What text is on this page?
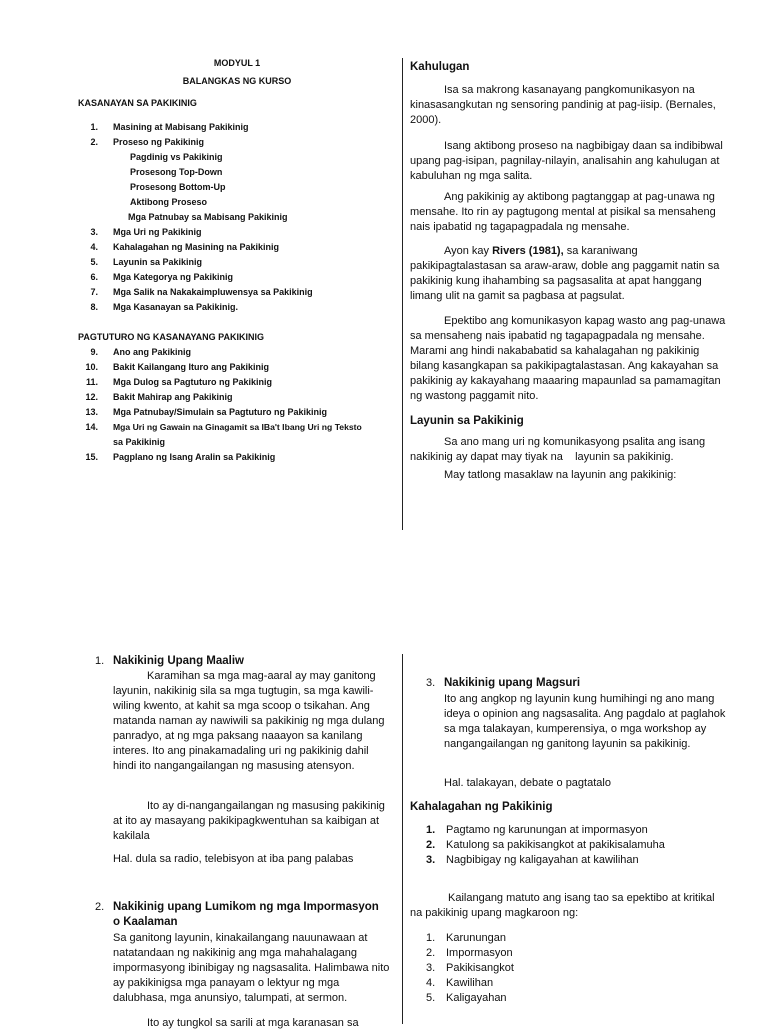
MODYUL 1
BALANGKAS NG KURSO
KASANAYAN SA PAKIKINIG
1. Masining at Mabisang Pakikinig
2. Proseso ng Pakikinig
Pagdinig vs Pakikinig
Prosesong Top-Down
Prosesong Bottom-Up
Aktibong Proseso
Mga Patnubay sa Mabisang Pakikinig
3. Mga Uri ng Pakikinig
4. Kahalagahan ng Masining na Pakikinig
5. Layunin sa Pakikinig
6. Mga Kategorya ng Pakikinig
7. Mga Salik na Nakakaimpluwensya sa Pakikinig
8. Mga Kasanayan sa Pakikinig.
PAGTUTURO NG KASANAYANG PAKIKINIG
9. Ano ang Pakikinig
10. Bakit Kailangang Ituro ang Pakikinig
11. Mga Dulog sa Pagtuturo ng Pakikinig
12. Bakit Mahirap ang Pakikinig
13. Mga Patnubay/Simulain sa Pagtuturo ng Pakikinig
14. Mga Uri ng Gawain na Ginagamit sa IBa't Ibang Uri ng Teksto
sa Pakikinig
15. Pagplano ng Isang Aralin sa Pakikinig
Kahulugan

Isa sa makrong kasanayang pangkomunikasyon na kinasasangkutan ng sensoring pandinig at pag-iisip. (Bernales, 2000).

Isang aktibong proseso na nagbibigay daan sa indibibwal upang pag-isipan, pagnilay-nilayin, analisahin ang kahulugan at kabuluhan ng mga salita.

Ang pakikinig ay aktibong pagtanggap at pag-unawa ng mensahe. Ito rin ay pagtugong mental at pisikal sa mensaheng nais ipabatid ng tagapagpadala ng mensahe.

Ayon kay Rivers (1981), sa karaniwang pakikipagtalastasan sa araw-araw, doble ang paggamit natin sa pakikinig kung ihahambing sa pagsasalita at apat hanggang limang ulit na gamit sa pagbasa at pagsulat.

Epektibo ang komunikasyon kapag wasto ang pag-unawa sa mensaheng nais ipabatid ng tagapagpadala ng mensahe. Marami ang hindi nakababatid sa kahalagahan ng pakikinig bilang kasangkapan sa pakikipagtalastasan. Ang kakayahan sa pakikinig ay kakayahang maaaring mapaunlad sa pamamagitan ng wastong paggamit nito.

Layunin sa Pakikinig

Sa ano mang uri ng komunikasyong psalita ang isang nakikinig ay dapat may tiyak na    layunin sa pakikinig.

May tatlong masaklaw na layunin ang pakikinig:

1. Nakikinig Upang Maaliw

Karamihan sa mga mag-aaral ay may ganitong layunin, nakikinig sila sa mga tugtugin, sa mga kawili-wiling kwento, at kahit sa mga scoop o tsikahan. Ang matanda naman ay nawiwili sa pakikinig ng mga dulang panradyo, at ng mga paksang naaayon sa kanilang interes. Ito ang pinakamadaling uri ng pakikinig dahil hindi ito nangangailangan ng masusing atensyon.

Ito ay di-nangangailangan ng masusing pakikinig at ito ay masayang pakikipagkwentuhan sa kaibigan at kakilala

Hal. dula sa radio, telebisyon at iba pang palabas

2. Nakikinig upang Lumikom ng mga Impormasyon o Kaalaman

Sa ganitong layunin, kinakailangang nauunawaan at natatandaan ng nakikinig ang mga mahahalagang impormasyong ibinibigay ng nagsasalita. Halimbawa nito ay pakikinigsa mga panayam o lektyur ng mga dalubhasa, mga anunsiyo, talumpati, at sermon.

Ito ay tungkol sa sarili at mga karanasan sa

3. Nakikinig upang Magsuri

Ito ang angkop ng layunin kung humihingi ng ano mang ideya o opinion ang nagsasalita. Ang pagdalo at paglahok sa mga talakayan, kumperensiya, o mga workshop ay nangangailangan ng ganitong layunin sa pakikinig.

Hal. talakayan, debate o pagtatalo

Kahalagahan ng Pakikinig
1. Pagtamo ng karunungan at impormasyon
2. Katulong sa pakikisangkot at pakikisalamuha
3. Nagbibigay ng kaligayahan at kawilihan

Kailangang matuto ang isang tao sa epektibo at kritikal na pakikinig upang magkaroon ng:

1. Karunungan
2. Impormasyon
3. Pakikisangkot
4. Kawilihan
5. Kaligayahan
